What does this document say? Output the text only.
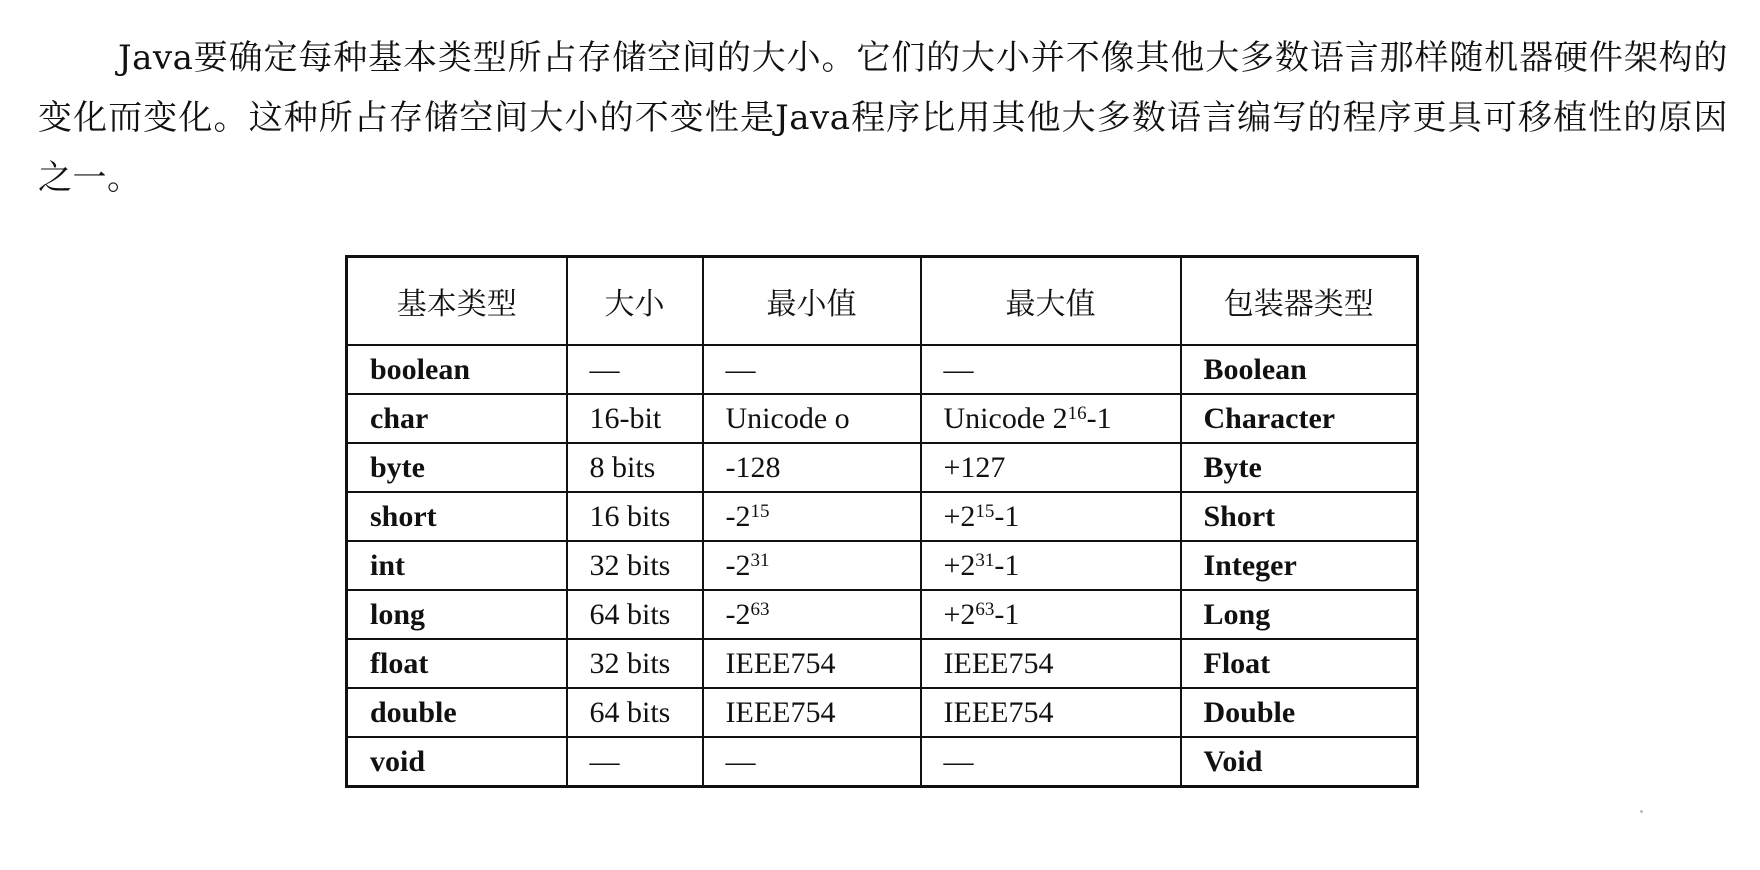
Java要确定每种基本类型所占存储空间的大小。它们的大小并不像其他大多数语言那样随机器硬件架构的变化而变化。这种所占存储空间大小的不变性是Java程序比用其他大多数语言编写的程序更具可移植性的原因之一。

基本类型	大小	最小值	最大值	包装器类型
boolean	—	—	—	Boolean
char	16-bit	Unicode o	Unicode $2^{16}-1$	Character
byte	8 bits	-128	+127	Byte
short	16 bits	$-2^{15}$	$+2^{15}-1$	Short
int	32 bits	$-2^{31}$	$+2^{31}-1$	Integer
long	64 bits	$-2^{63}$	$+2^{63}-1$	Long
float	32 bits	IEEE754	IEEE754	Float
double	64 bits	IEEE754	IEEE754	Double
void	—	—	—	Void
